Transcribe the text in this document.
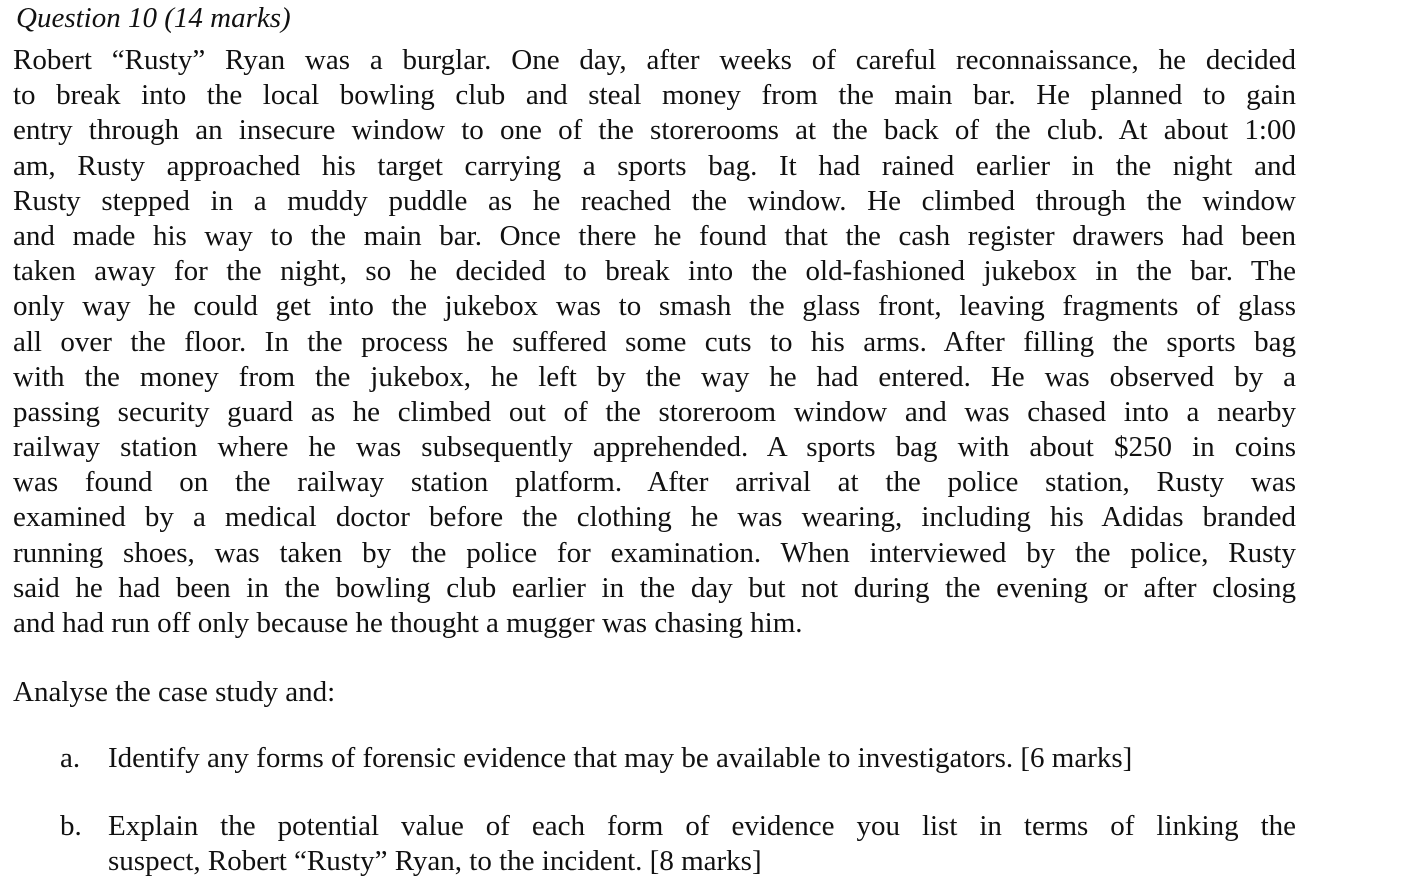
Question 10 (14 marks)
Robert “Rusty” Ryan was a burglar. One day, after weeks of careful reconnaissance, he decided
to break into the local bowling club and steal money from the main bar. He planned to gain
entry through an insecure window to one of the storerooms at the back of the club. At about 1:00
am, Rusty approached his target carrying a sports bag. It had rained earlier in the night and
Rusty stepped in a muddy puddle as he reached the window. He climbed through the window
and made his way to the main bar. Once there he found that the cash register drawers had been
taken away for the night, so he decided to break into the old-fashioned jukebox in the bar. The
only way he could get into the jukebox was to smash the glass front, leaving fragments of glass
all over the floor. In the process he suffered some cuts to his arms. After filling the sports bag
with the money from the jukebox, he left by the way he had entered. He was observed by a
passing security guard as he climbed out of the storeroom window and was chased into a nearby
railway station where he was subsequently apprehended. A sports bag with about $250 in coins
was found on the railway station platform. After arrival at the police station, Rusty was
examined by a medical doctor before the clothing he was wearing, including his Adidas branded
running shoes, was taken by the police for examination. When interviewed by the police, Rusty
said he had been in the bowling club earlier in the day but not during the evening or after closing
and had run off only because he thought a mugger was chasing him.
Analyse the case study and:
a. Identify any forms of forensic evidence that may be available to investigators. [6 marks]
b. Explain the potential value of each form of evidence you list in terms of linking the
suspect, Robert “Rusty” Ryan, to the incident. [8 marks]
